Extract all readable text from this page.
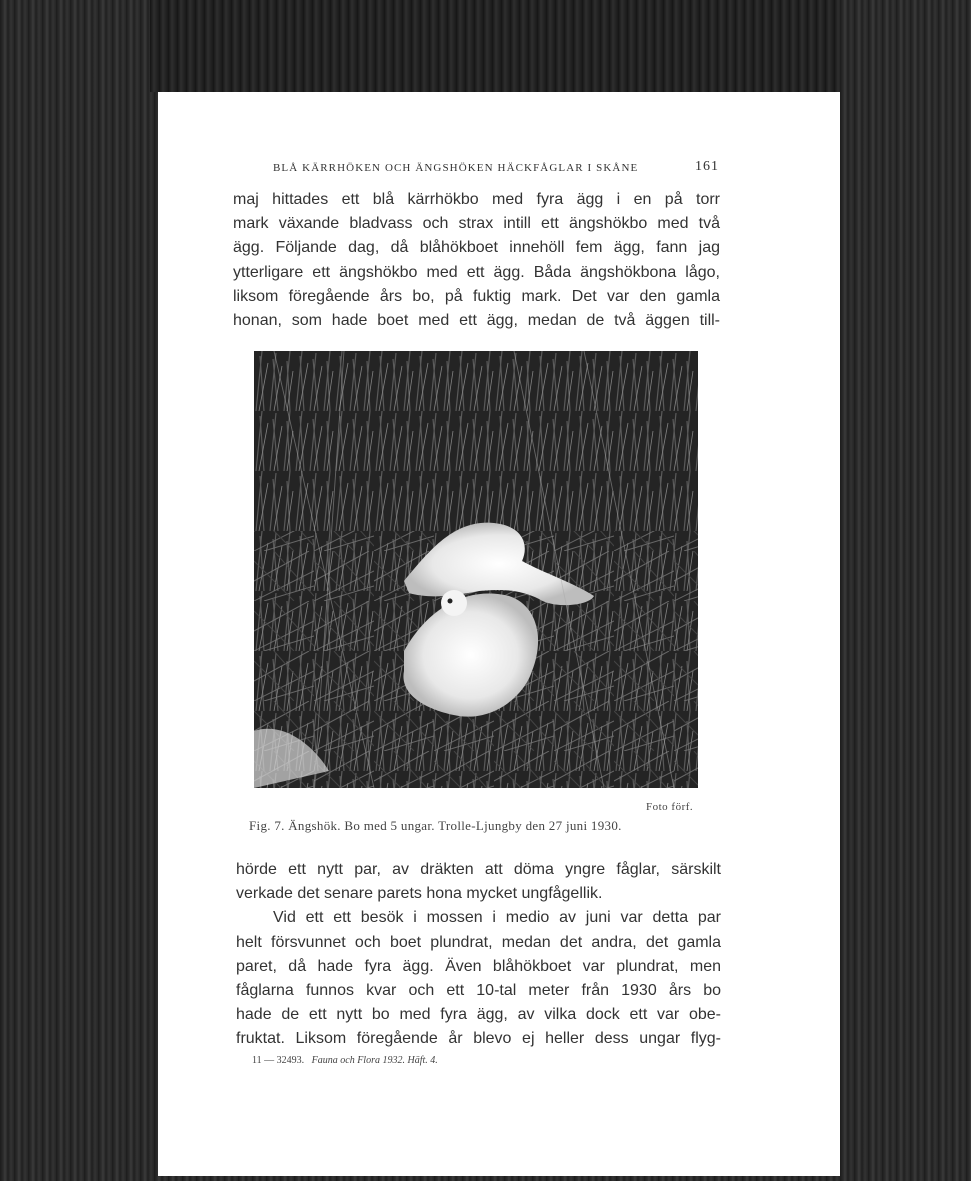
BLÅ KÄRRHÖKEN OCH ÄNGSHÖKEN HÄCKFÅGLAR I SKÅNE	161
maj hittades ett blå kärrhökbo med fyra ägg i en på torr
mark växande bladvass och strax intill ett ängshökbo med två
ägg. Följande dag, då blåhökboet innehöll fem ägg, fann jag
ytterligare ett ängshökbo med ett ägg. Båda ängshökbona lågo,
liksom föregående års bo, på fuktig mark. Det var den gamla
honan, som hade boet med ett ägg, medan de två äggen till-
Foto förf.
Fig. 7. Ängshök. Bo med 5 ungar. Trolle-Ljungby den 27 juni 1930.
hörde ett nytt par, av dräkten att döma yngre fåglar, särskilt
verkade det senare parets hona mycket ungfågellik.
Vid ett ett besök i mossen i medio av juni var detta par
helt försvunnet och boet plundrat, medan det andra, det gamla
paret, då hade fyra ägg. Även blåhökboet var plundrat, men
fåglarna funnos kvar och ett 10-tal meter från 1930 års bo
hade de ett nytt bo med fyra ägg, av vilka dock ett var obe-
fruktat. Liksom föregående år blevo ej heller dess ungar flyg-
11 — 32493. Fauna och Flora 1932. Häft. 4.
